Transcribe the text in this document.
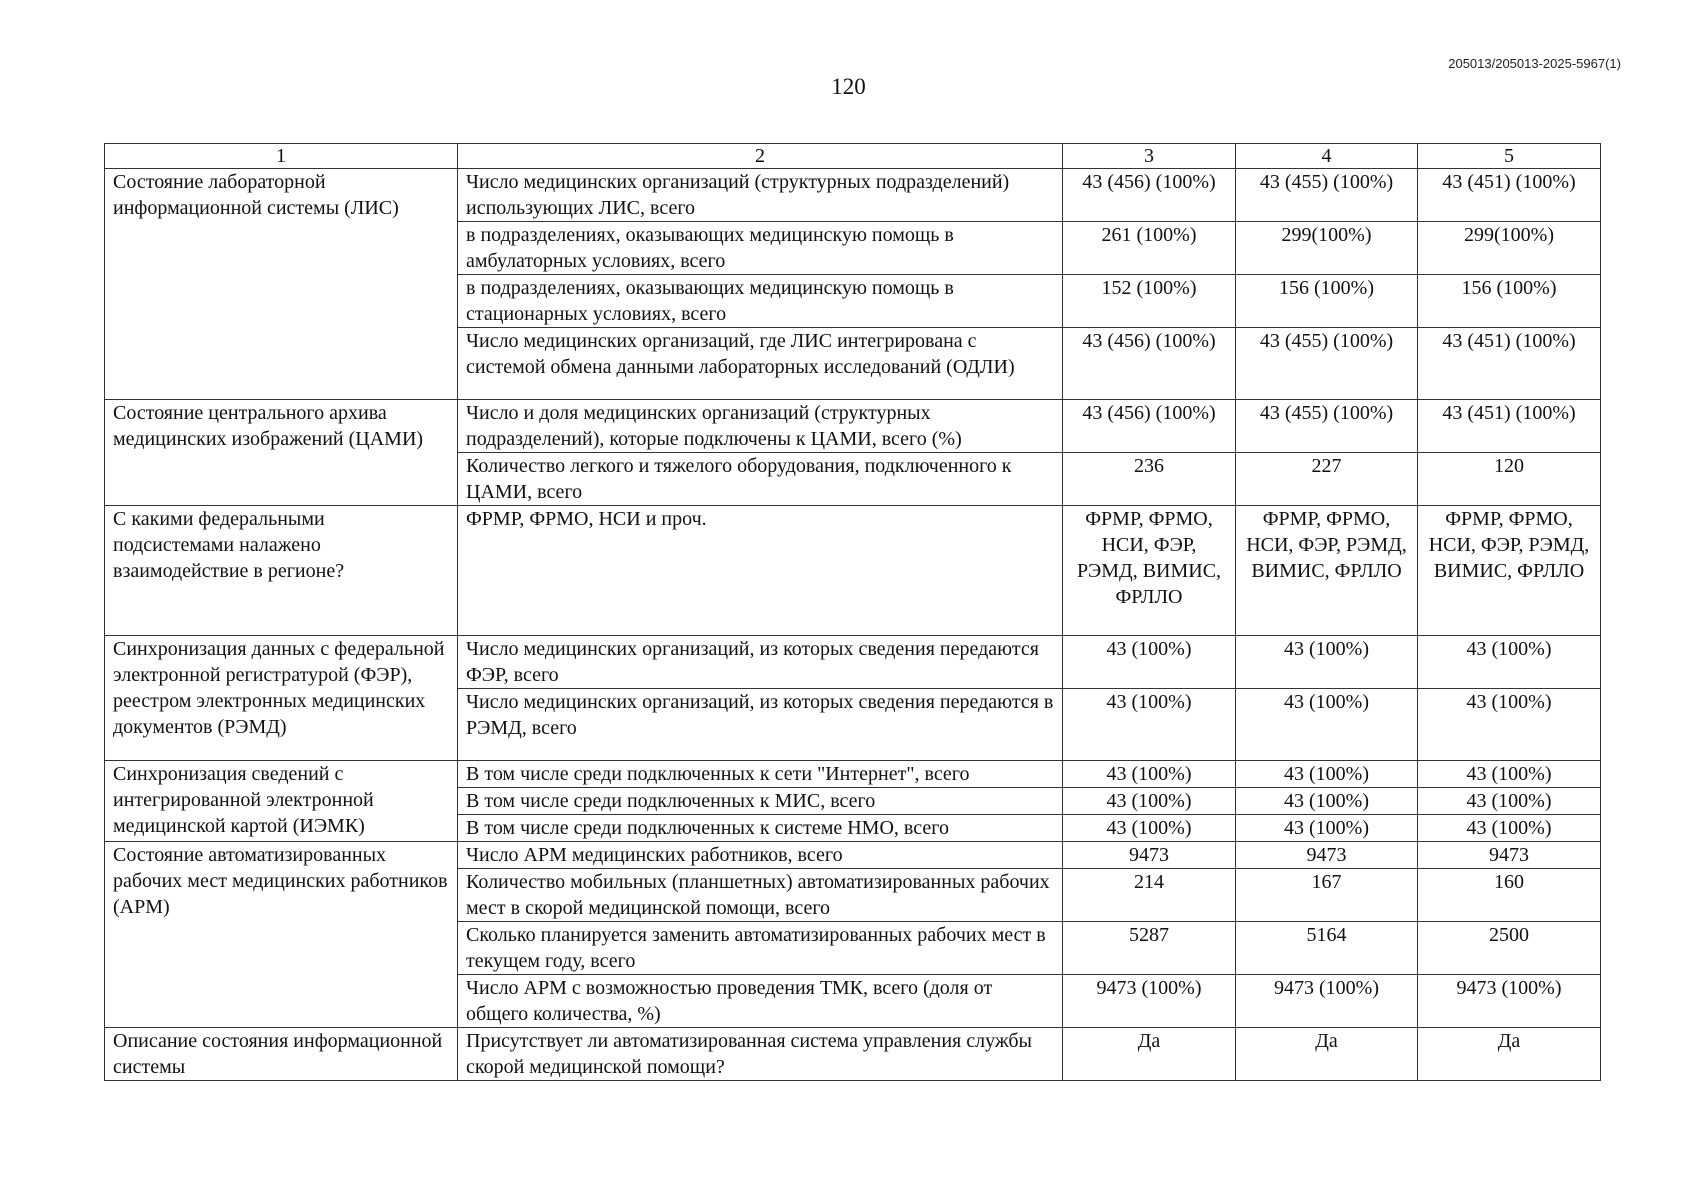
205013/205013-2025-5967(1)
120
1	2	3	4	5
Состояние лабораторной информационной системы (ЛИС)	Число медицинских организаций (структурных подразделений) использующих ЛИС, всего	43 (456) (100%)	43 (455) (100%)	43 (451) (100%)
	в подразделениях, оказывающих медицинскую помощь в амбулаторных условиях, всего	261 (100%)	299(100%)	299(100%)
	в подразделениях, оказывающих медицинскую помощь в стационарных условиях, всего	152 (100%)	156 (100%)	156 (100%)
	Число медицинских организаций, где ЛИС интегрирована с системой обмена данными лабораторных исследований (ОДЛИ)	43 (456) (100%)	43 (455) (100%)	43 (451) (100%)
Состояние центрального архива медицинских изображений (ЦАМИ)	Число и доля медицинских организаций (структурных подразделений), которые подключены к ЦАМИ, всего (%)	43 (456) (100%)	43 (455) (100%)	43 (451) (100%)
	Количество легкого и тяжелого оборудования, подключенного к ЦАМИ, всего	236	227	120
С какими федеральными подсистемами налажено взаимодействие в регионе?	ФРМР, ФРМО, НСИ и проч.	ФРМР, ФРМО, НСИ, ФЭР, РЭМД, ВИМИС, ФРЛЛО	ФРМР, ФРМО, НСИ, ФЭР, РЭМД, ВИМИС, ФРЛЛО	ФРМР, ФРМО, НСИ, ФЭР, РЭМД, ВИМИС, ФРЛЛО
Синхронизация данных с федеральной электронной регистратурой (ФЭР), реестром электронных медицинских документов (РЭМД)	Число медицинских организаций, из которых сведения передаются ФЭР, всего	43 (100%)	43 (100%)	43 (100%)
	Число медицинских организаций, из которых сведения передаются в РЭМД, всего	43 (100%)	43 (100%)	43 (100%)
Синхронизация сведений с интегрированной электронной медицинской картой (ИЭМК)	В том числе среди подключенных к сети "Интернет", всего	43 (100%)	43 (100%)	43 (100%)
	В том числе среди подключенных к МИС, всего	43 (100%)	43 (100%)	43 (100%)
	В том числе среди подключенных к системе НМО, всего	43 (100%)	43 (100%)	43 (100%)
Состояние автоматизированных рабочих мест медицинских работников (АРМ)	Число АРМ медицинских работников, всего	9473	9473	9473
	Количество мобильных (планшетных) автоматизированных рабочих мест в скорой медицинской помощи, всего	214	167	160
	Сколько планируется заменить автоматизированных рабочих мест в текущем году, всего	5287	5164	2500
	Число АРМ с возможностью проведения ТМК, всего (доля от общего количества, %)	9473 (100%)	9473 (100%)	9473 (100%)
Описание состояния информационной системы	Присутствует ли автоматизированная система управления службы скорой медицинской помощи?	Да	Да	Да
